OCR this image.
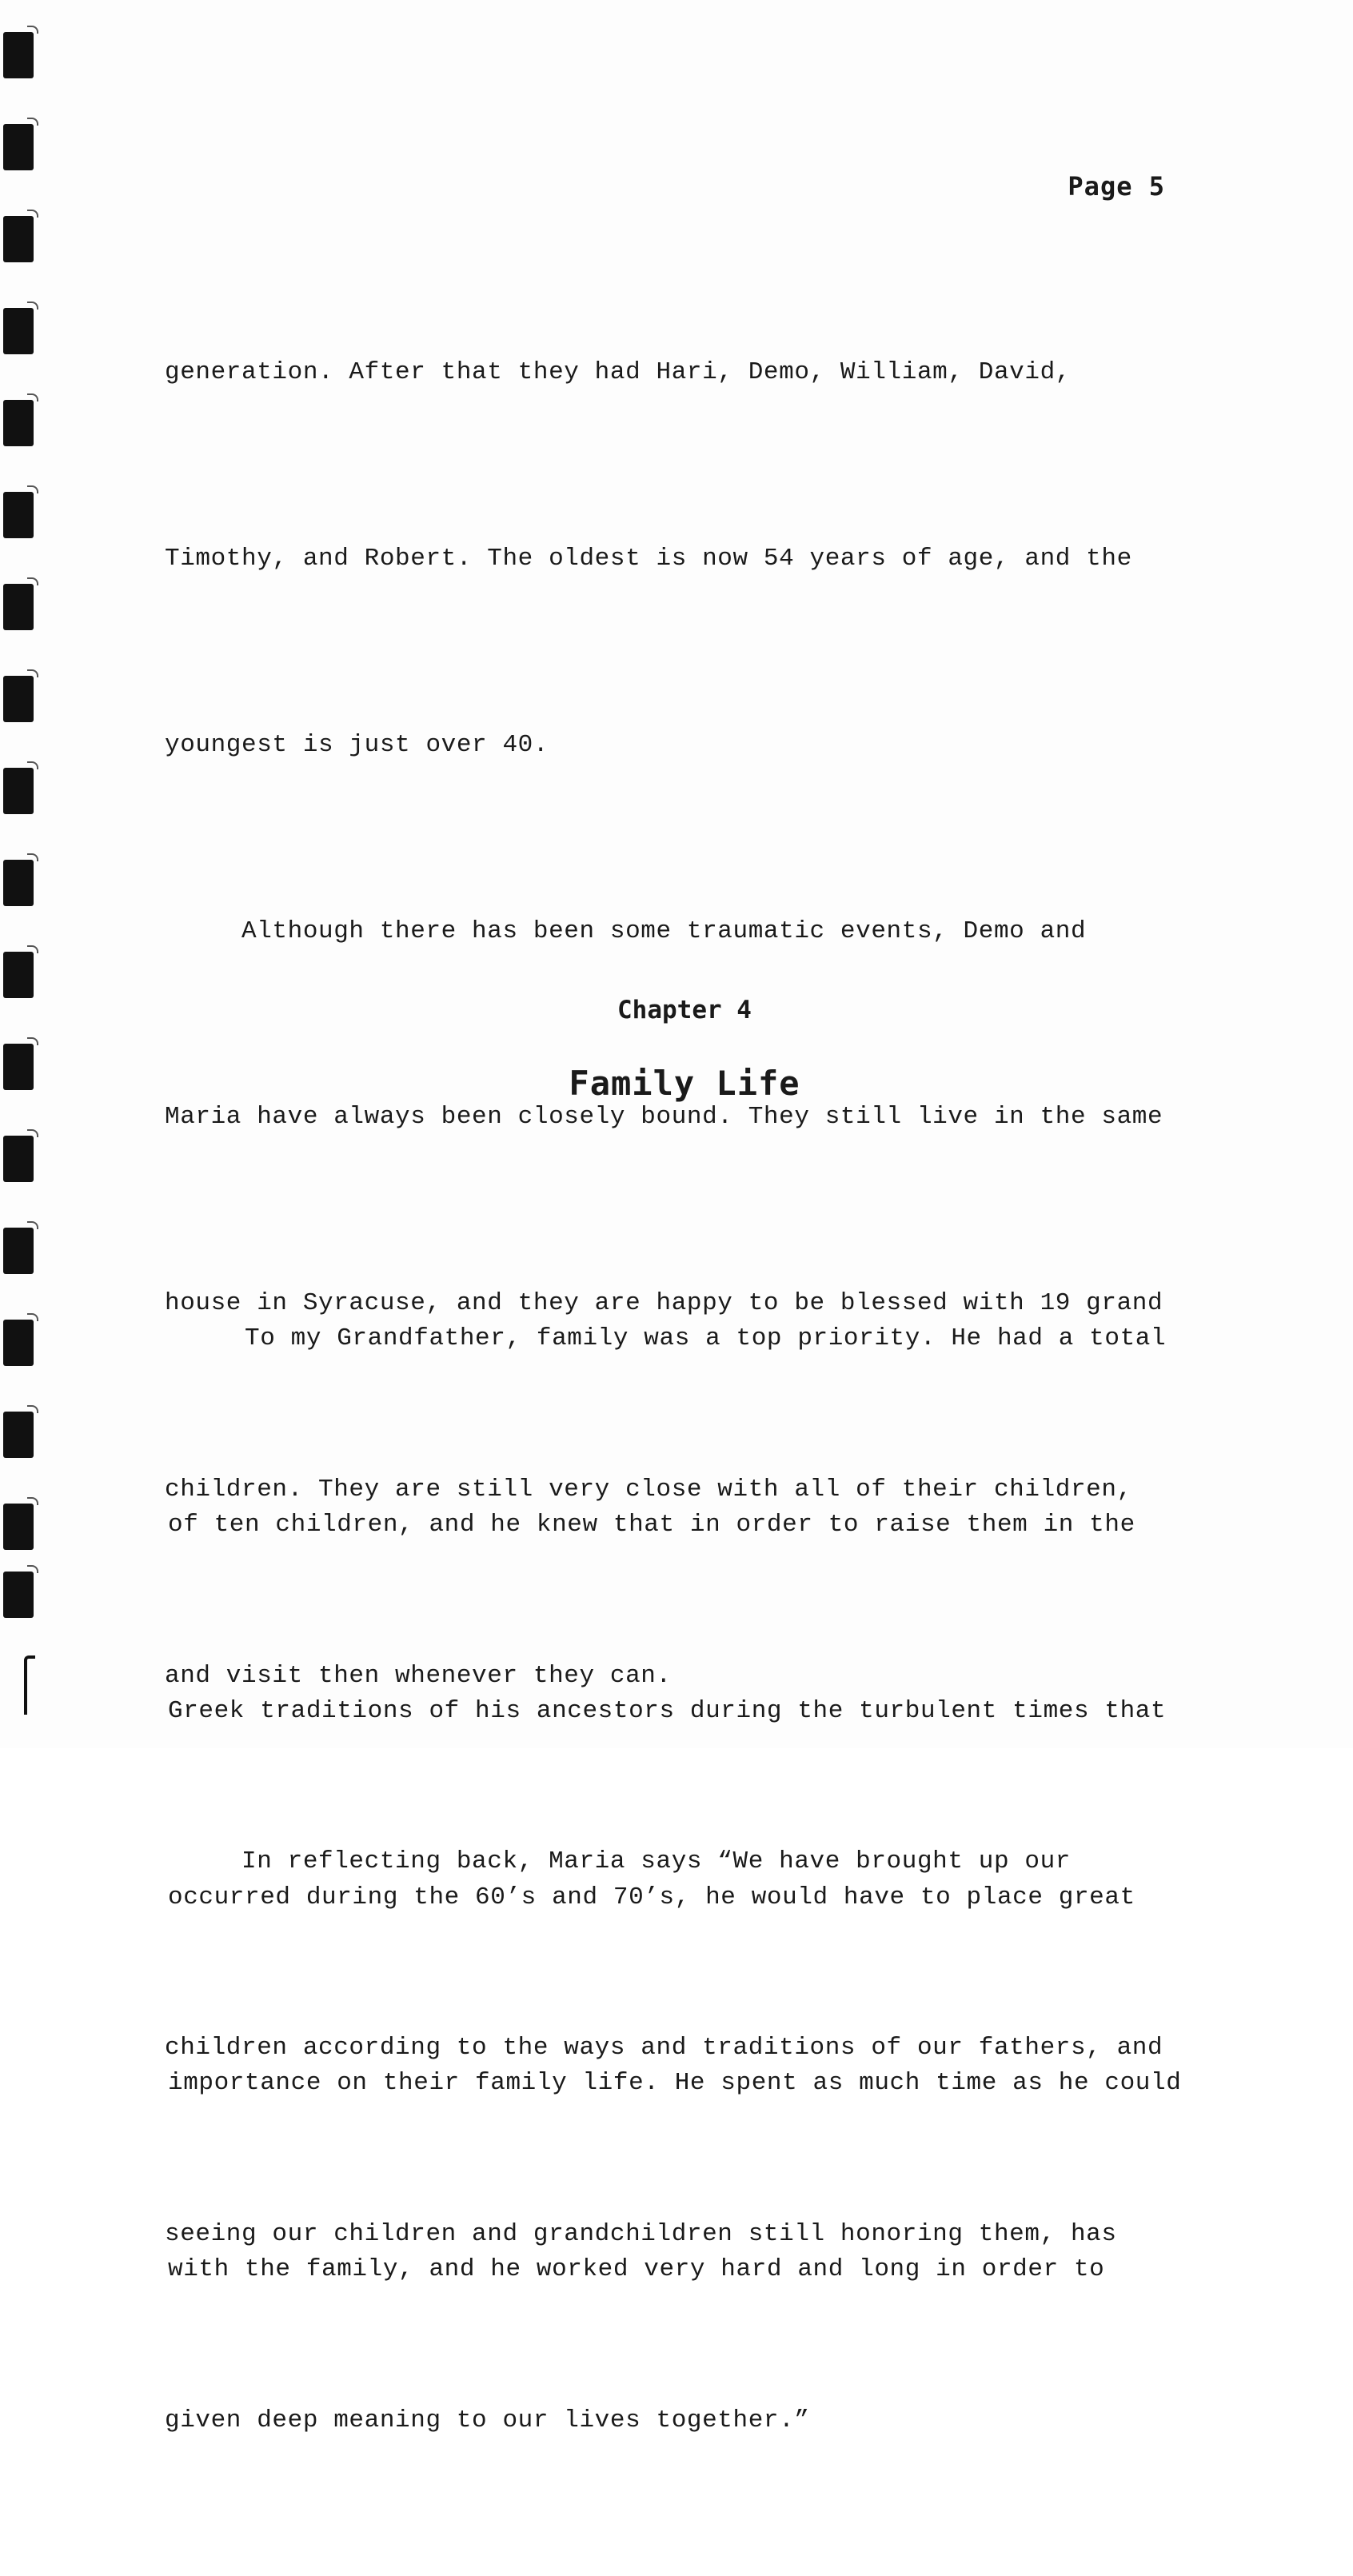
Page 5

generation. After that they had Hari, Demo, William, David,

Timothy, and Robert. The oldest is now 54 years of age, and the

youngest is just over 40.

Although there has been some traumatic events, Demo and

Maria have always been closely bound. They still live in the same

house in Syracuse, and they are happy to be blessed with 19 grand

children. They are still very close with all of their children,

and visit then whenever they can.

In reflecting back, Maria says “We have brought up our

children according to the ways and traditions of our fathers, and

seeing our children and grandchildren still honoring them, has

given deep meaning to our lives together.”

Chapter 4
Family Life

To my Grandfather, family was a top priority. He had a total

of ten children, and he knew that in order to raise them in the

Greek traditions of his ancestors during the turbulent times that

occurred during the 60’s and 70’s, he would have to place great

importance on their family life. He spent as much time as he could

with the family, and he worked very hard and long in order to
